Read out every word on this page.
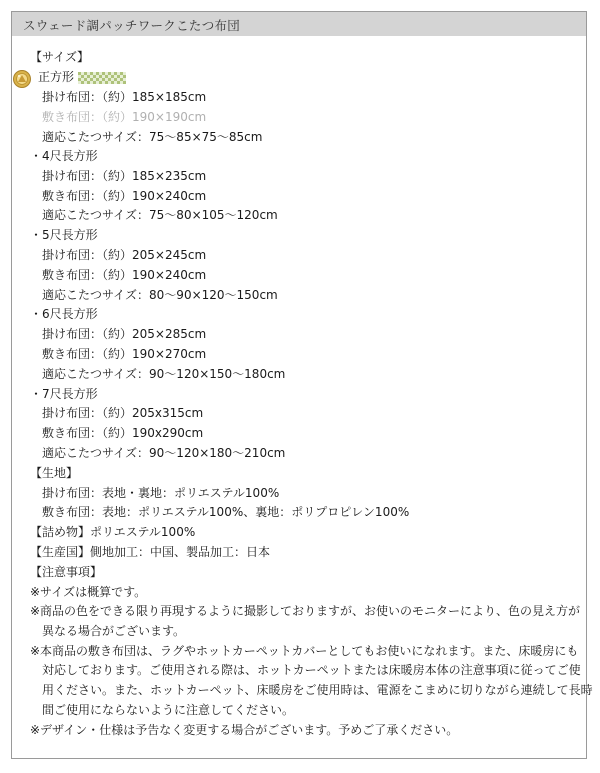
スウェード調パッチワークこたつ布団
【サイズ】
正方形
掛け布団：（約）185×185cm
敷き布団：（約）190×190cm
適応こたつサイズ：75～85×75～85cm
・4尺長方形
掛け布団：（約）185×235cm
敷き布団：（約）190×240cm
適応こたつサイズ：75～80×105～120cm
・5尺長方形
掛け布団：（約）205×245cm
敷き布団：（約）190×240cm
適応こたつサイズ：80～90×120～150cm
・6尺長方形
掛け布団：（約）205×285cm
敷き布団：（約）190×270cm
適応こたつサイズ：90～120×150～180cm
・7尺長方形
掛け布団：（約）205x315cm
敷き布団：（約）190x290cm
適応こたつサイズ：90～120×180～210cm
【生地】
掛け布団：表地・裏地：ポリエステル100%
敷き布団：表地：ポリエステル100%、裏地：ポリプロピレン100%
【詰め物】ポリエステル100%
【生産国】側地加工：中国、製品加工：日本
【注意事項】
※サイズは概算です。
※商品の色をできる限り再現するように撮影しておりますが、お使いのモニターにより、色の見え方が
異なる場合がございます。
※本商品の敷き布団は、ラグやホットカーペットカバーとしてもお使いになれます。また、床暖房にも
対応しております。ご使用される際は、ホットカーペットまたは床暖房本体の注意事項に従ってご使
用ください。また、ホットカーペット、床暖房をご使用時は、電源をこまめに切りながら連続して長時
間ご使用にならないように注意してください。
※デザイン・仕様は予告なく変更する場合がございます。予めご了承ください。
